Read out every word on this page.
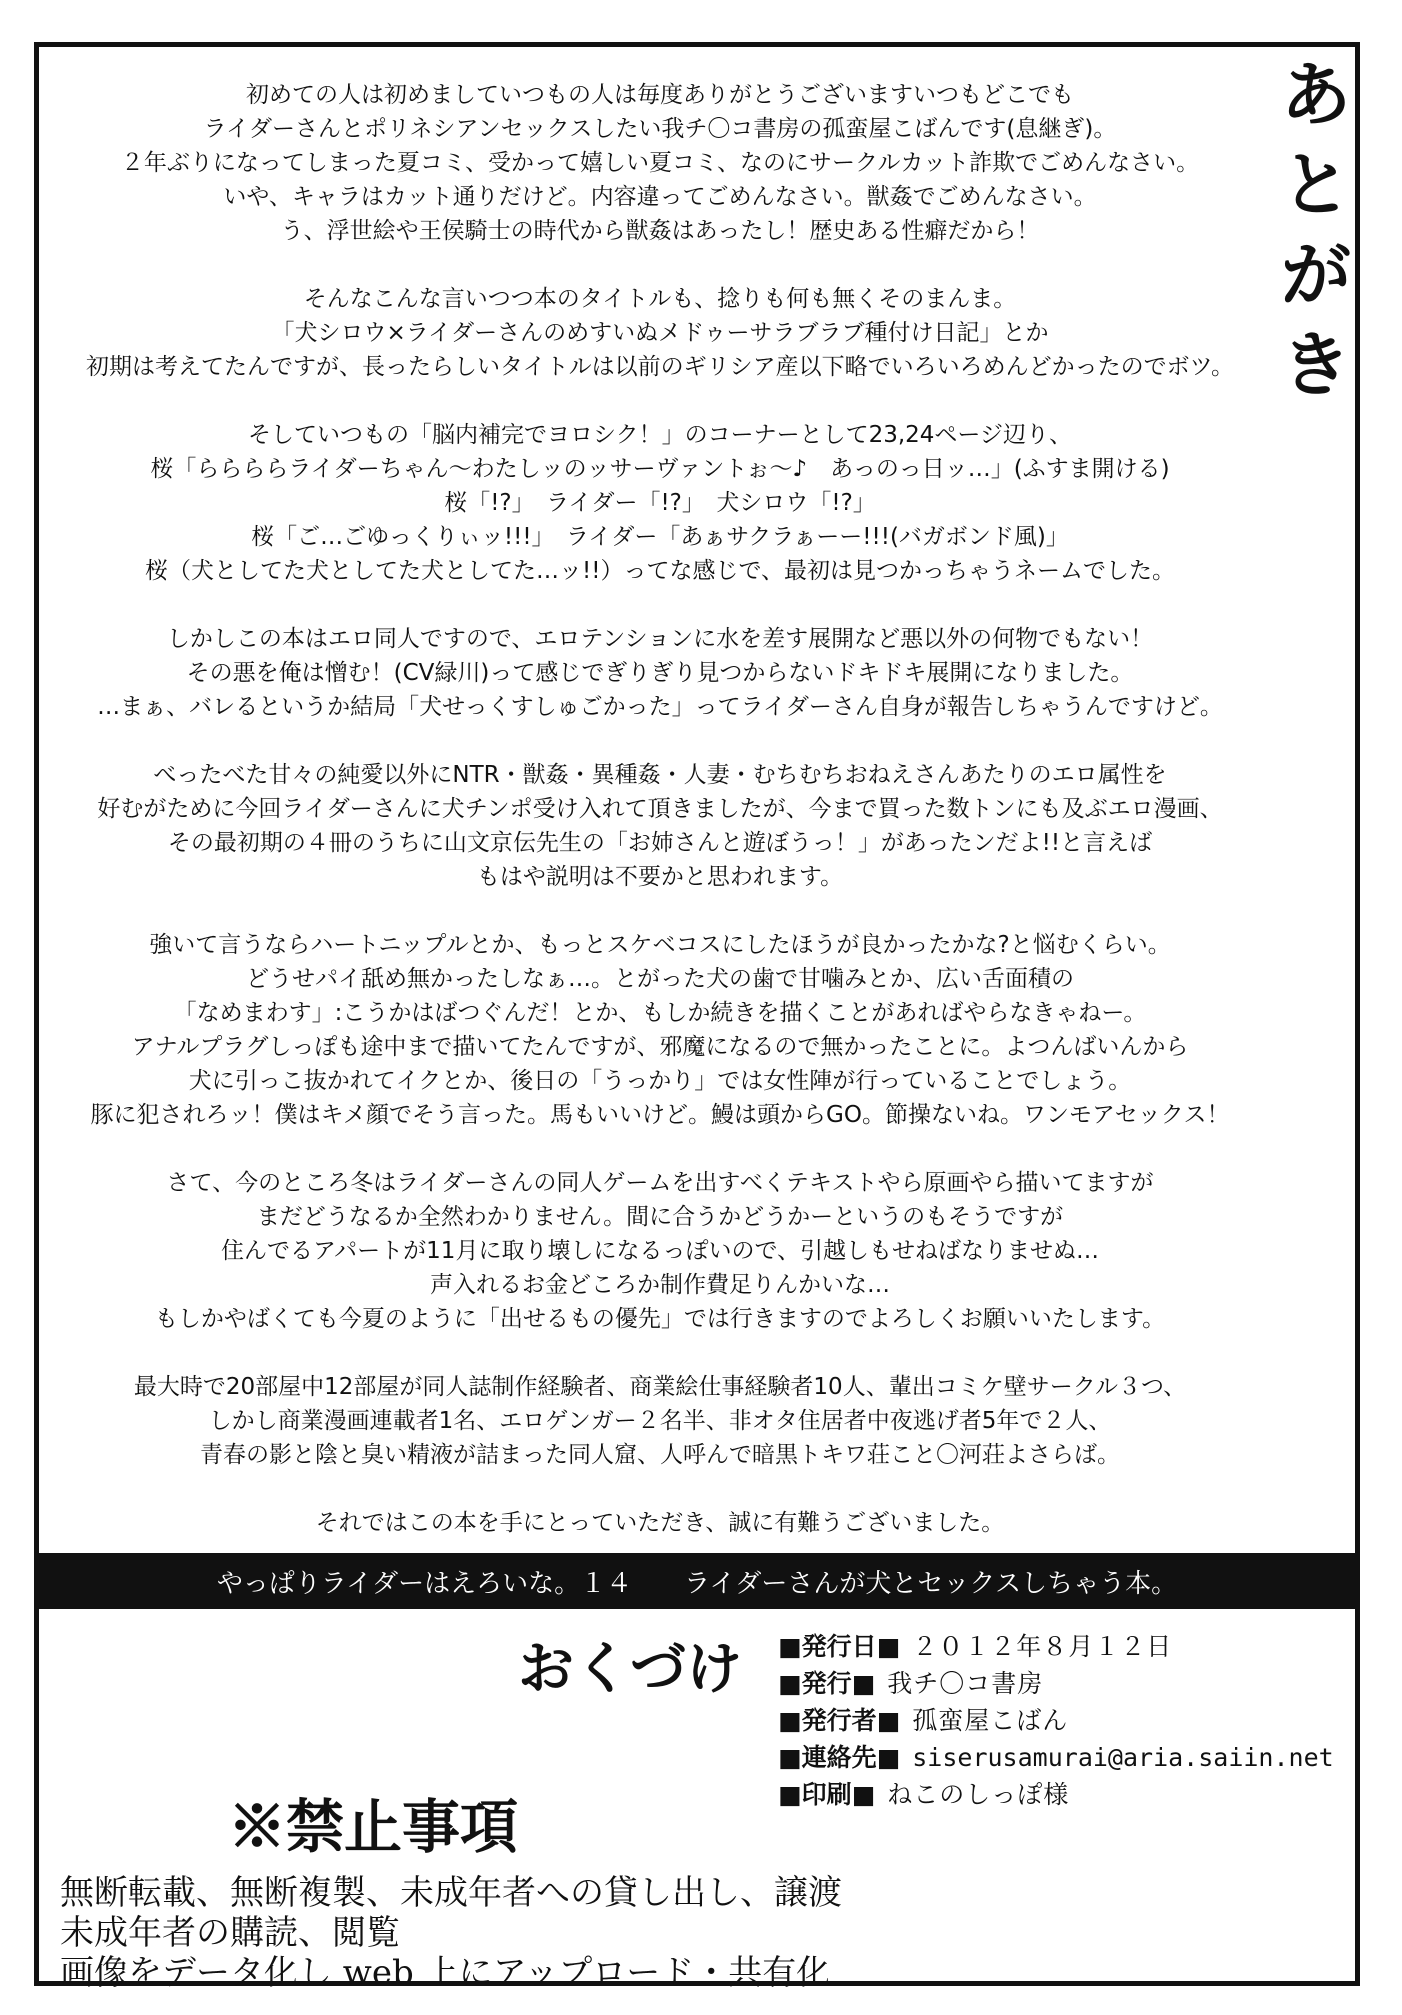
あ
と
が
き
初めての人は初めましていつもの人は毎度ありがとうございますいつもどこでも
ライダーさんとポリネシアンセックスしたい我チ〇コ書房の孤蛮屋こばんです(息継ぎ)。
２年ぶりになってしまった夏コミ、受かって嬉しい夏コミ、なのにサークルカット詐欺でごめんなさい。
いや、キャラはカット通りだけど。内容違ってごめんなさい。獣姦でごめんなさい。
う、浮世絵や王侯騎士の時代から獣姦はあったし！歴史ある性癖だから！
そんなこんな言いつつ本のタイトルも、捻りも何も無くそのまんま。
「犬シロウ×ライダーさんのめすいぬメドゥーサラブラブ種付け日記」とか
初期は考えてたんですが、長ったらしいタイトルは以前のギリシア産以下略でいろいろめんどかったのでボツ。
そしていつもの「脳内補完でヨロシク！」のコーナーとして23,24ページ辺り、
桜「ららららライダーちゃん～わたしッのッサーヴァントぉ～♪　あっのっ日ッ…」(ふすま開ける)
桜「!?」　ライダー「!?」　犬シロウ「!?」
桜「ご…ごゆっくりぃッ!!!」　ライダー「あぁサクラぁーー!!!(バガボンド風)」
桜（犬としてた犬としてた犬としてた…ッ!!）ってな感じで、最初は見つかっちゃうネームでした。
しかしこの本はエロ同人ですので、エロテンションに水を差す展開など悪以外の何物でもない！
その悪を俺は憎む！(CV緑川)って感じでぎりぎり見つからないドキドキ展開になりました。
…まぁ、バレるというか結局「犬せっくすしゅごかった」ってライダーさん自身が報告しちゃうんですけど。
べったべた甘々の純愛以外にNTR・獣姦・異種姦・人妻・むちむちおねえさんあたりのエロ属性を
好むがために今回ライダーさんに犬チンポ受け入れて頂きましたが、今まで買った数トンにも及ぶエロ漫画、
その最初期の４冊のうちに山文京伝先生の「お姉さんと遊ぼうっ！」があったンだよ!!と言えば
もはや説明は不要かと思われます。
強いて言うならハートニップルとか、もっとスケベコスにしたほうが良かったかな?と悩むくらい。
どうせパイ舐め無かったしなぁ…。とがった犬の歯で甘噛みとか、広い舌面積の
「なめまわす」:こうかはばつぐんだ！とか、もしか続きを描くことがあればやらなきゃねー。
アナルプラグしっぽも途中まで描いてたんですが、邪魔になるので無かったことに。よつんばいんから
犬に引っこ抜かれてイクとか、後日の「うっかり」では女性陣が行っていることでしょう。
豚に犯されろッ！僕はキメ顔でそう言った。馬もいいけど。鰻は頭からGO。節操ないね。ワンモアセックス！
さて、今のところ冬はライダーさんの同人ゲームを出すべくテキストやら原画やら描いてますが
まだどうなるか全然わかりません。間に合うかどうかーというのもそうですが
住んでるアパートが11月に取り壊しになるっぽいので、引越しもせねばなりませぬ…
声入れるお金どころか制作費足りんかいな…
もしかやばくても今夏のように「出せるもの優先」では行きますのでよろしくお願いいたします。
最大時で20部屋中12部屋が同人誌制作経験者、商業絵仕事経験者10人、輩出コミケ壁サークル３つ、
しかし商業漫画連載者1名、エロゲンガー２名半、非オタ住居者中夜逃げ者5年で２人、
青春の影と陰と臭い精液が詰まった同人窟、人呼んで暗黒トキワ荘こと〇河荘よさらば。
それではこの本を手にとっていただき、誠に有難うございました。
やっぱりライダーはえろいな。１４　　ライダーさんが犬とセックスしちゃう本。
おくづけ ■発行日■ ２０１２年８月１２日
■発行■ 我チ〇コ書房
■発行者■ 孤蛮屋こばん
■連絡先■ siserusamurai@aria.saiin.net
■印刷■ ねこのしっぽ様
※禁止事項
無断転載、無断複製、未成年者への貸し出し、譲渡
未成年者の購読、閲覧
画像をデータ化し web 上にアップロード・共有化
